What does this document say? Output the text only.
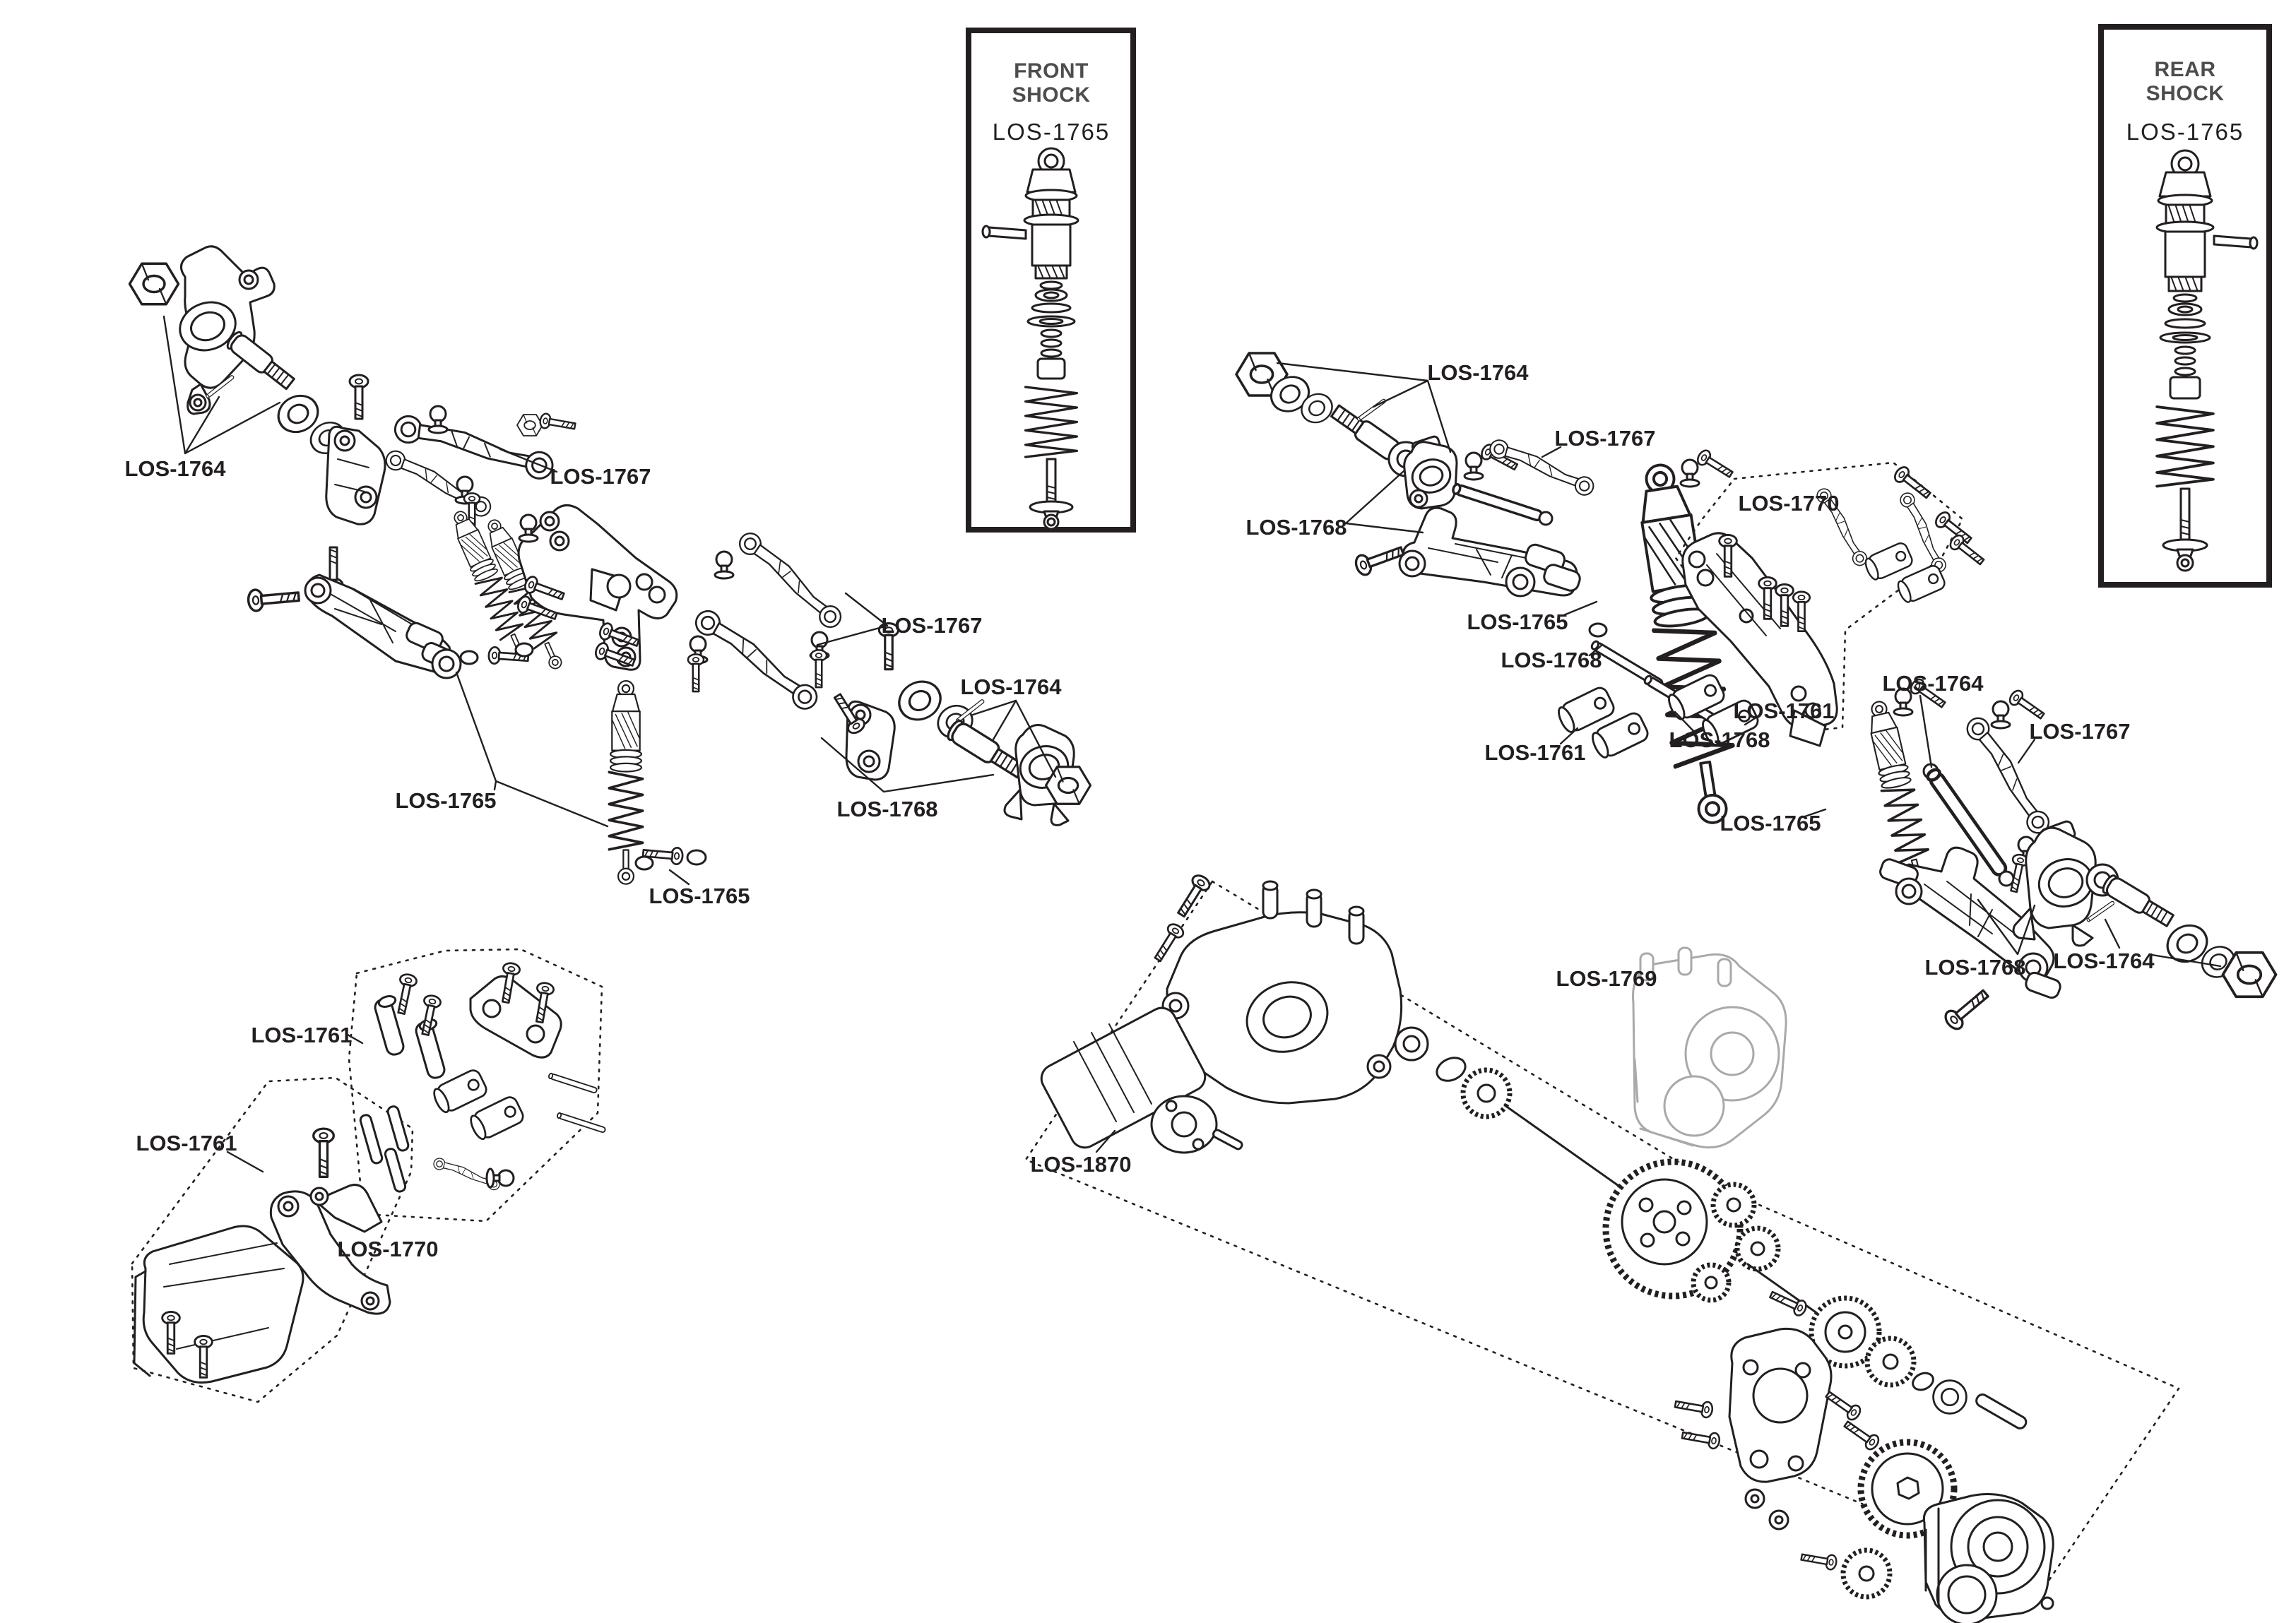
FRONT
SHOCK
LOS-1765
REAR
SHOCK
LOS-1765
LOS-1764	LOS-1767
LOS-1765
LOS-1765
LOS-1767
LOS-1764
LOS-1768
LOS-1764
LOS-1767
LOS-1770
LOS-1768
LOS-1765
LOS-1768
LOS-1761
LOS-1768
LOS-1761
LOS-1764
LOS-1767
LOS-1765
LOS-1768 LOS-1764
LOS-1761
LOS-1761
LOS-1770
LOS-1769
LOS-1870
